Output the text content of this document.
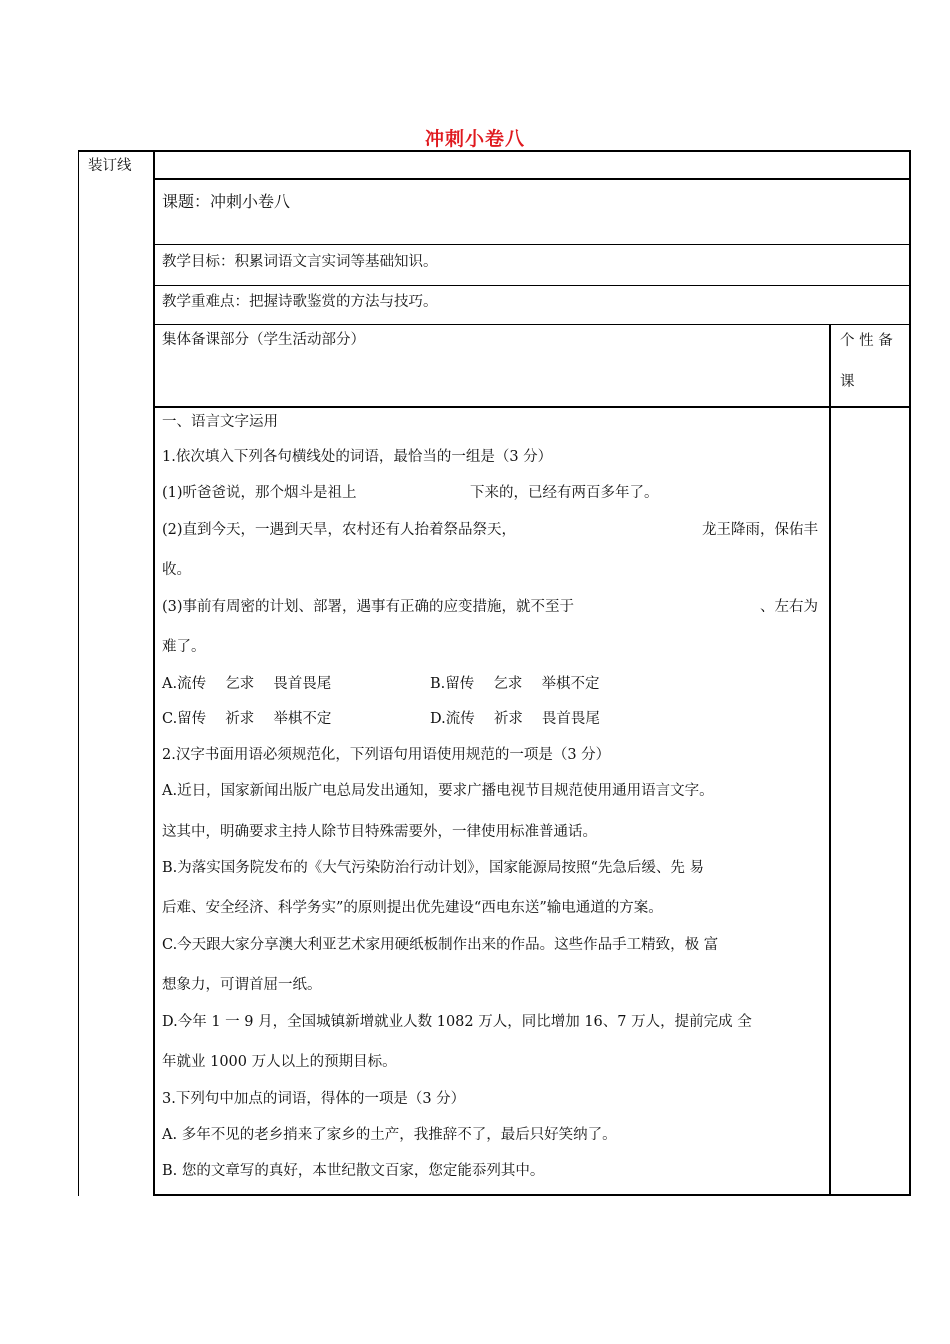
冲刺小卷八
装订线
课题：冲刺小卷八
教学目标：积累词语文言实词等基础知识。
教学重难点：把握诗歌鉴赏的方法与技巧。
集体备课部分（学生活动部分）	个 性 备
课
一、语言文字运用
1.依次填入下列各句横线处的词语，最恰当的一组是（3 分）
(1)听爸爸说，那个烟斗是祖上	下来的，已经有两百多年了。
(2)直到今天，一遇到天旱，农村还有人抬着祭品祭天，	龙王降雨，保佑丰
收。
(3)事前有周密的计划、部署，遇事有正确的应变措施，就不至于	、左右为
难了。
A.流传　 乞求　 畏首畏尾	B.留传　 乞求　 举棋不定
C.留传　 祈求　 举棋不定	D.流传　 祈求　 畏首畏尾
2.汉字书面用语必须规范化，下列语句用语使用规范的一项是（3 分）
A.近日，国家新闻出版广电总局发出通知，要求广播电视节目规范使用通用语言文字。
这其中，明确要求主持人除节目特殊需要外，一律使用标准普通话。
B.为落实国务院发布的《大气污染防治行动计划》，国家能源局按照“先急后缓、先 易
后难、安全经济、科学务实”的原则提出优先建设“西电东送”输电通道的方案。
C.今天跟大家分享澳大利亚艺术家用硬纸板制作出来的作品。这些作品手工精致，极 富
想象力，可谓首屈一纸。
D.今年 1 一 9 月，全国城镇新增就业人数 1082 万人，同比增加 16、7 万人，提前完成 全
年就业 1000 万人以上的预期目标。
3.下列句中加点的词语，得体的一项是（3 分）
A. 多年不见的老乡捎来了家乡的土产，我推辞不了，最后只好笑纳了。
B. 您的文章写的真好，本世纪散文百家，您定能忝列其中。
